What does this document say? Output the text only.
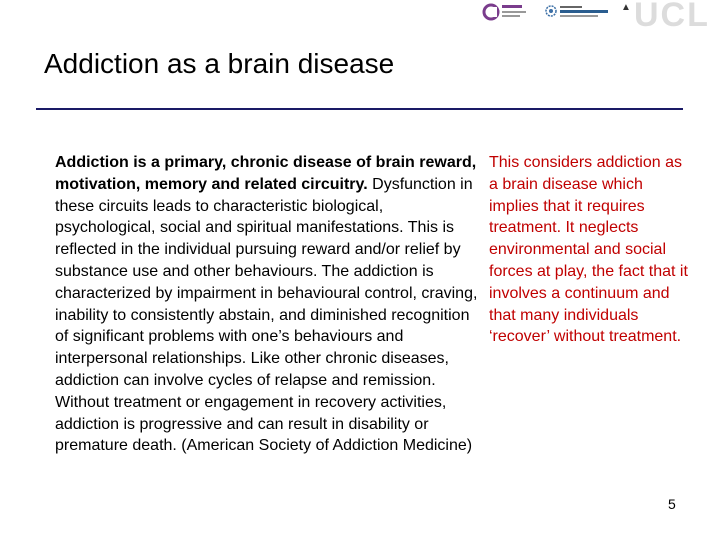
▲ UCL
Addiction as a brain disease
Addiction is a primary, chronic disease of brain reward, motivation, memory and related circuitry. Dysfunction in these circuits leads to characteristic biological, psychological, social and spiritual manifestations. This is reflected in the individual pursuing reward and/or relief by substance use and other behaviours. The addiction is characterized by impairment in behavioural control, craving, inability to consistently abstain, and diminished recognition of significant problems with one’s behaviours and interpersonal relationships. Like other chronic diseases, addiction can involve cycles of relapse and remission. Without treatment or engagement in recovery activities, addiction is progressive and can result in disability or premature death. (American Society of Addiction Medicine)
This considers addiction as a brain disease which implies that it requires treatment. It neglects environmental and social forces at play, the fact that it involves a continuum and that many individuals ‘recover’ without treatment.
5
